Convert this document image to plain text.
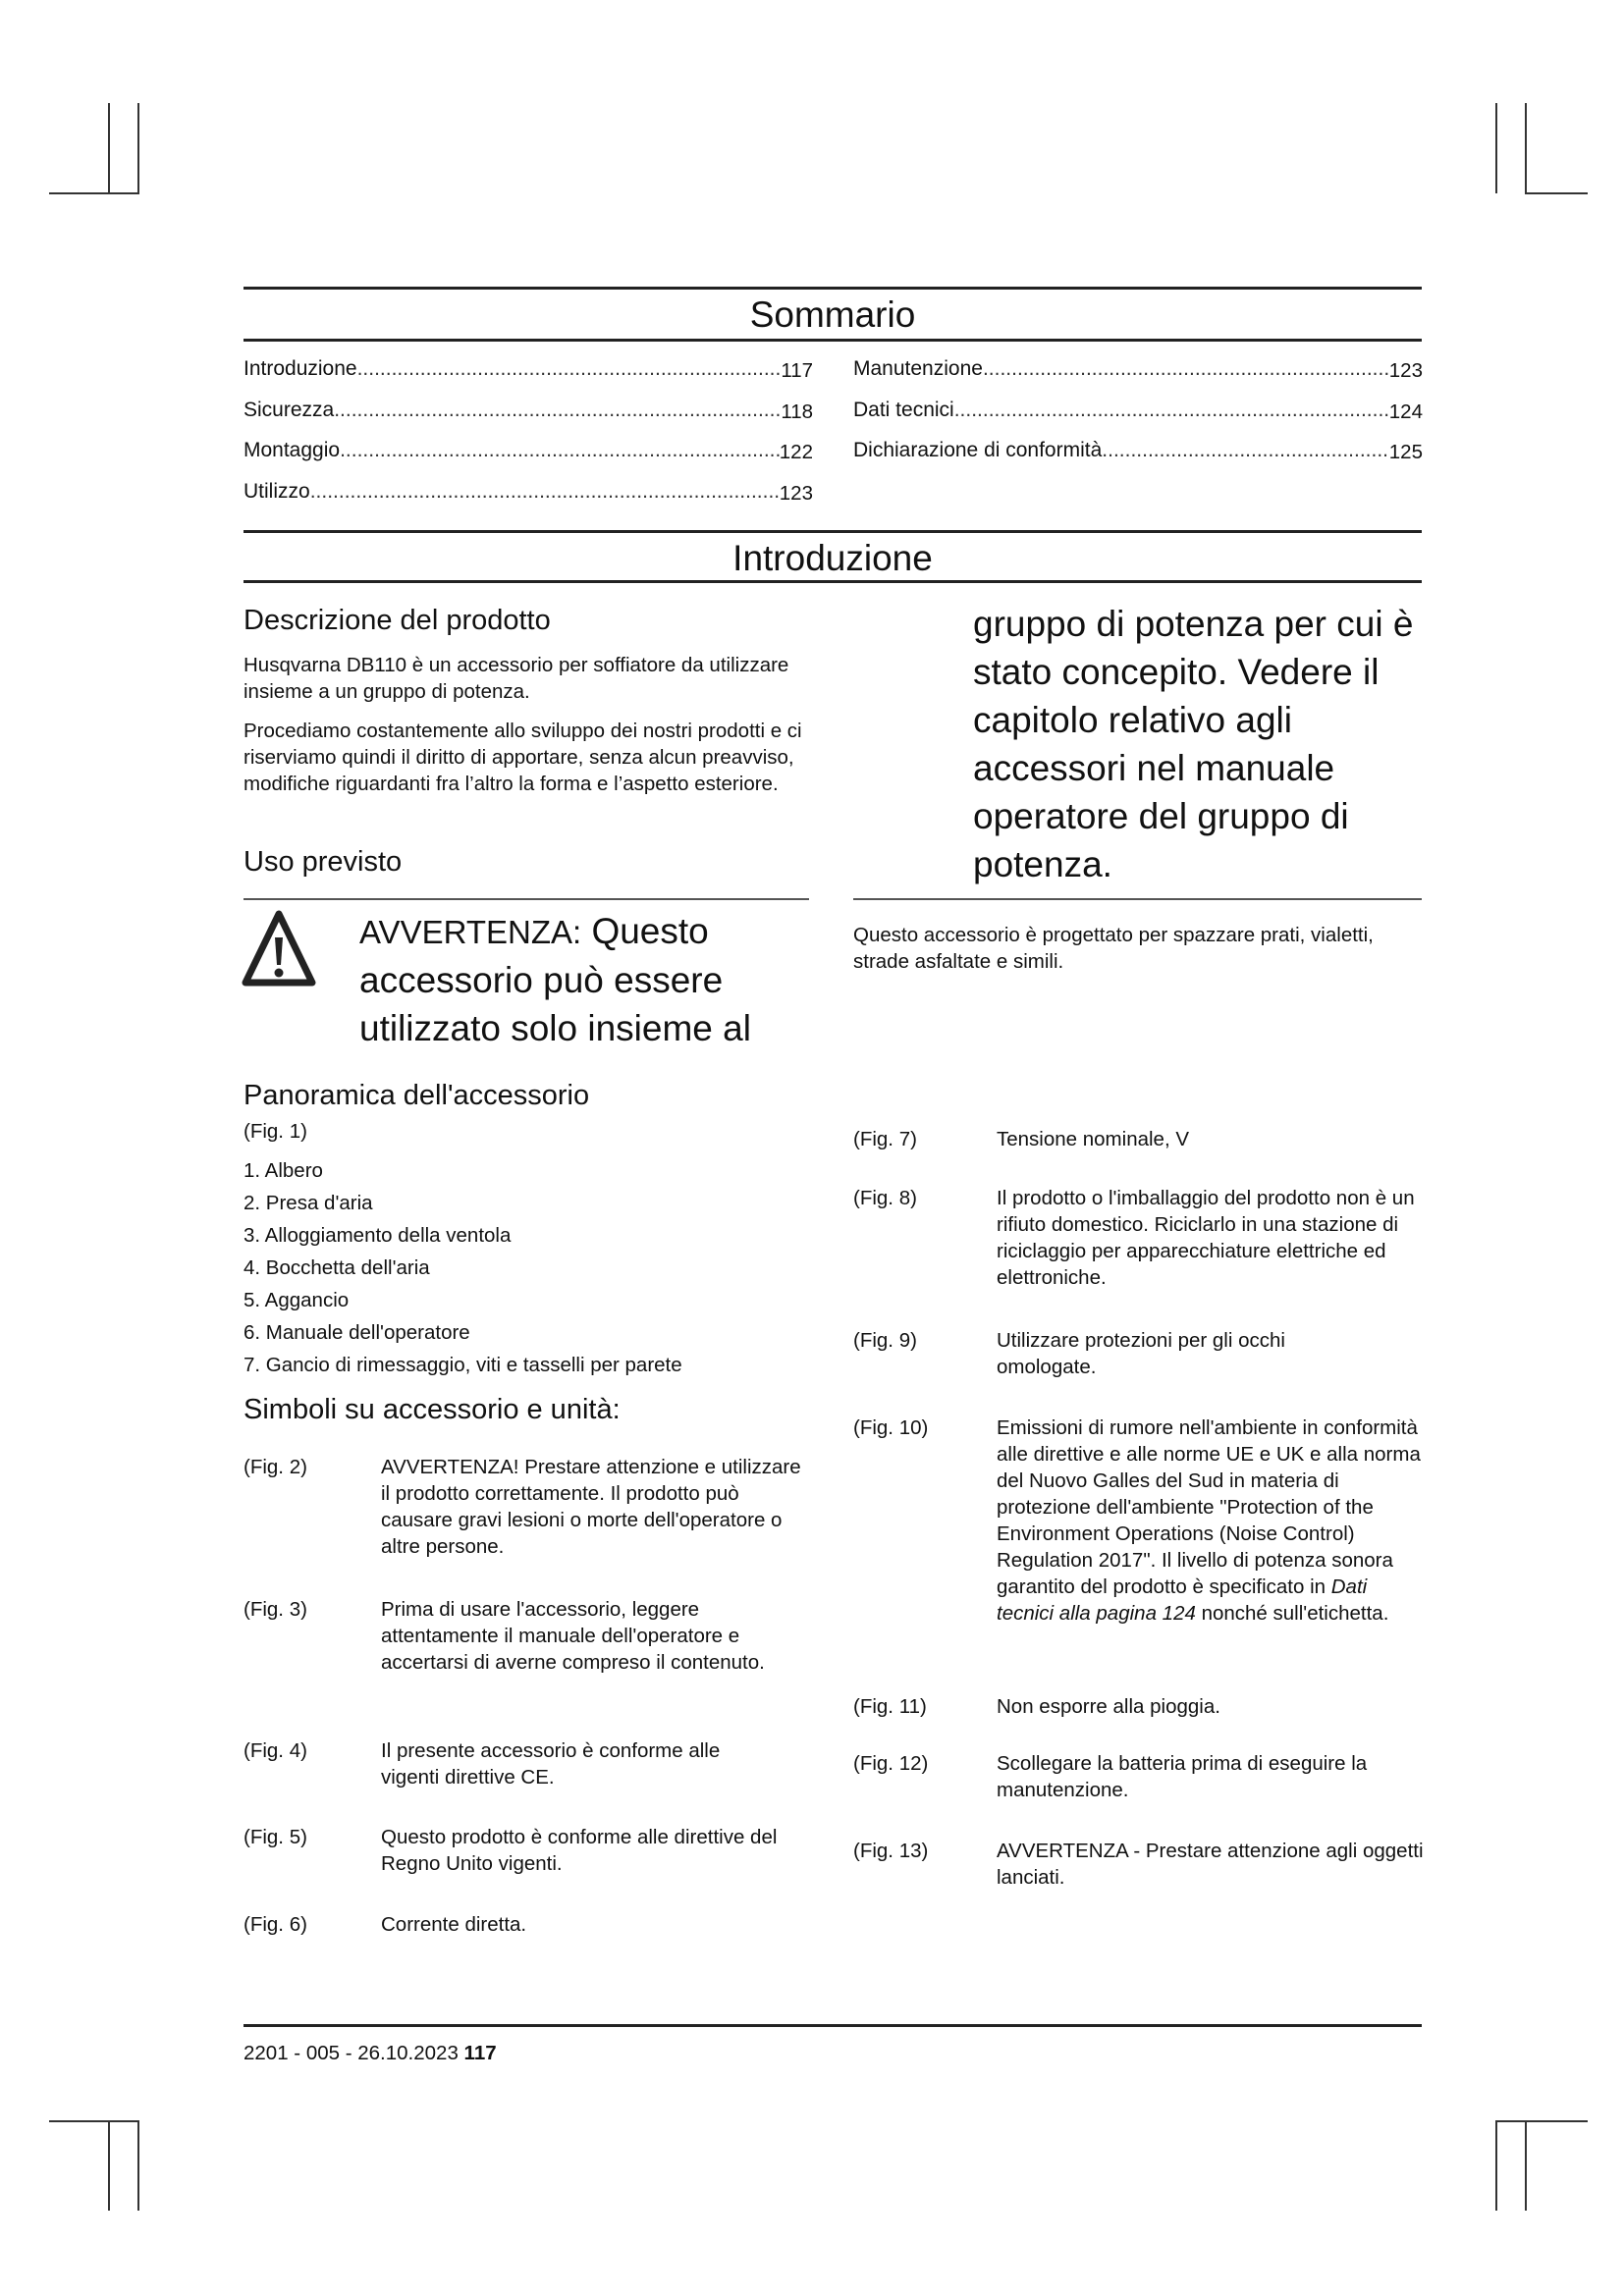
Sommario
Introduzione .....	117
Sicurezza .....	118
Montaggio .....	122
Utilizzo .....	123
Manutenzione .....	123
Dati tecnici .....	124
Dichiarazione di conformità .....	125
Introduzione
Descrizione del prodotto
Husqvarna DB110 è un accessorio per soffiatore da utilizzare insieme a un gruppo di potenza.
Procediamo costantemente allo sviluppo dei nostri prodotti e ci riserviamo quindi il diritto di apportare, senza alcun preavviso, modifiche riguardanti fra l’altro la forma e l’aspetto esteriore.
Uso previsto
AVVERTENZA: Questo accessorio può essere utilizzato solo insieme al
gruppo di potenza per cui è stato concepito. Vedere il capitolo relativo agli accessori nel manuale operatore del gruppo di potenza.
Questo accessorio è progettato per spazzare prati, vialetti, strade asfaltate e simili.
Panoramica dell'accessorio
(Fig. 1)
1. Albero
2. Presa d'aria
3. Alloggiamento della ventola
4. Bocchetta dell'aria
5. Aggancio
6. Manuale dell'operatore
7. Gancio di rimessaggio, viti e tasselli per parete
Simboli su accessorio e unità:
(Fig. 2)	AVVERTENZA! Prestare attenzione e utilizzare il prodotto correttamente. Il prodotto può causare gravi lesioni o morte dell'operatore o altre persone.
(Fig. 3)	Prima di usare l'accessorio, leggere attentamente il manuale dell'operatore e accertarsi di averne compreso il contenuto.
(Fig. 4)	Il presente accessorio è conforme alle vigenti direttive CE.
(Fig. 5)	Questo prodotto è conforme alle direttive del Regno Unito vigenti.
(Fig. 6)	Corrente diretta.
(Fig. 7)	Tensione nominale, V
(Fig. 8)	Il prodotto o l'imballaggio del prodotto non è un rifiuto domestico. Riciclarlo in una stazione di riciclaggio per apparecchiature elettriche ed elettroniche.
(Fig. 9)	Utilizzare protezioni per gli occhi omologate.
(Fig. 10)	Emissioni di rumore nell'ambiente in conformità alle direttive e alle norme UE e UK e alla norma del Nuovo Galles del Sud in materia di protezione dell'ambiente "Protection of the Environment Operations (Noise Control) Regulation 2017". Il livello di potenza sonora garantito del prodotto è specificato in Dati tecnici alla pagina 124 nonché sull'etichetta.
(Fig. 11)	Non esporre alla pioggia.
(Fig. 12)	Scollegare la batteria prima di eseguire la manutenzione.
(Fig. 13)	AVVERTENZA - Prestare attenzione agli oggetti lanciati.
2201 - 005 - 26.10.2023 117
